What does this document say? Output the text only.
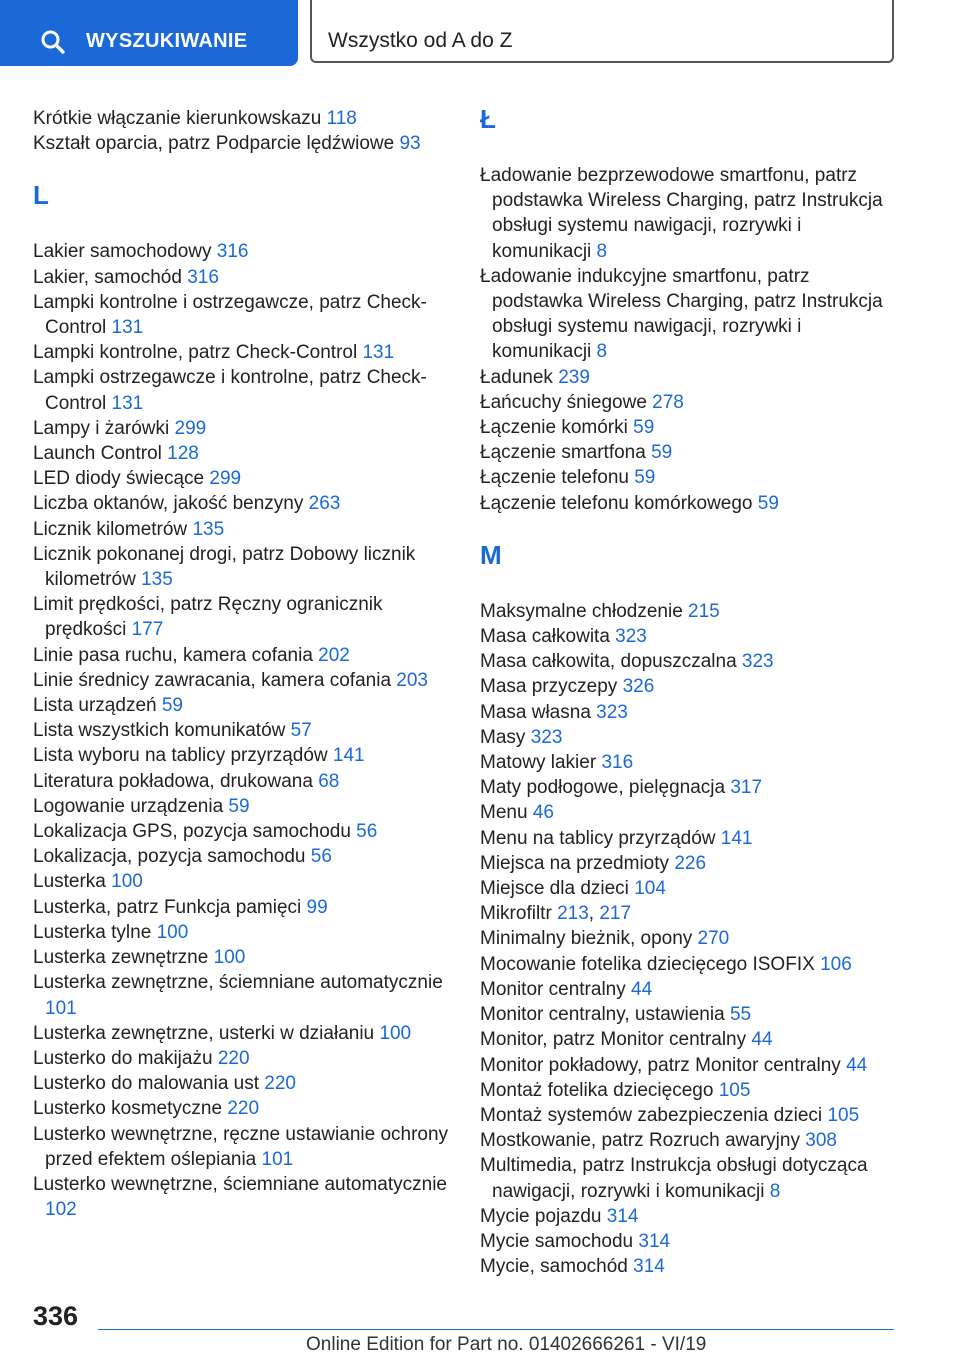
WYSZUKIWANIE	Wszystko od A do Z
Krótkie włączanie kierunkowskazu 118
Kształt oparcia, patrz Podparcie lędźwiowe 93
L
Lakier samochodowy 316
Lakier, samochód 316
Lampki kontrolne i ostrzegawcze, patrz Check-Control 131
Lampki kontrolne, patrz Check-Control 131
Lampki ostrzegawcze i kontrolne, patrz Check-Control 131
Lampy i żarówki 299
Launch Control 128
LED diody świecące 299
Liczba oktanów, jakość benzyny 263
Licznik kilometrów 135
Licznik pokonanej drogi, patrz Dobowy licznik kilometrów 135
Limit prędkości, patrz Ręczny ogranicznik prędkości 177
Linie pasa ruchu, kamera cofania 202
Linie średnicy zawracania, kamera cofania 203
Lista urządzeń 59
Lista wszystkich komunikatów 57
Lista wyboru na tablicy przyrządów 141
Literatura pokładowa, drukowana 68
Logowanie urządzenia 59
Lokalizacja GPS, pozycja samochodu 56
Lokalizacja, pozycja samochodu 56
Lusterka 100
Lusterka, patrz Funkcja pamięci 99
Lusterka tylne 100
Lusterka zewnętrzne 100
Lusterka zewnętrzne, ściemniane automatycznie 101
Lusterka zewnętrzne, usterki w działaniu 100
Lusterko do makijażu 220
Lusterko do malowania ust 220
Lusterko kosmetyczne 220
Lusterko wewnętrzne, ręczne ustawianie ochrony przed efektem oślepiania 101
Lusterko wewnętrzne, ściemniane automatycznie 102
Ł
Ładowanie bezprzewodowe smartfonu, patrz podstawka Wireless Charging, patrz Instrukcja obsługi systemu nawigacji, rozrywki i komunikacji 8
Ładowanie indukcyjne smartfonu, patrz podstawka Wireless Charging, patrz Instrukcja obsługi systemu nawigacji, rozrywki i komunikacji 8
Ładunek 239
Łańcuchy śniegowe 278
Łączenie komórki 59
Łączenie smartfona 59
Łączenie telefonu 59
Łączenie telefonu komórkowego 59
M
Maksymalne chłodzenie 215
Masa całkowita 323
Masa całkowita, dopuszczalna 323
Masa przyczepy 326
Masa własna 323
Masy 323
Matowy lakier 316
Maty podłogowe, pielęgnacja 317
Menu 46
Menu na tablicy przyrządów 141
Miejsca na przedmioty 226
Miejsce dla dzieci 104
Mikrofiltr 213, 217
Minimalny bieżnik, opony 270
Mocowanie fotelika dziecięcego ISOFIX 106
Monitor centralny 44
Monitor centralny, ustawienia 55
Monitor, patrz Monitor centralny 44
Monitor pokładowy, patrz Monitor centralny 44
Montaż fotelika dziecięcego 105
Montaż systemów zabezpieczenia dzieci 105
Mostkowanie, patrz Rozruch awaryjny 308
Multimedia, patrz Instrukcja obsługi dotycząca nawigacji, rozrywki i komunikacji 8
Mycie pojazdu 314
Mycie samochodu 314
Mycie, samochód 314
336
Online Edition for Part no. 01402666261 - VI/19
